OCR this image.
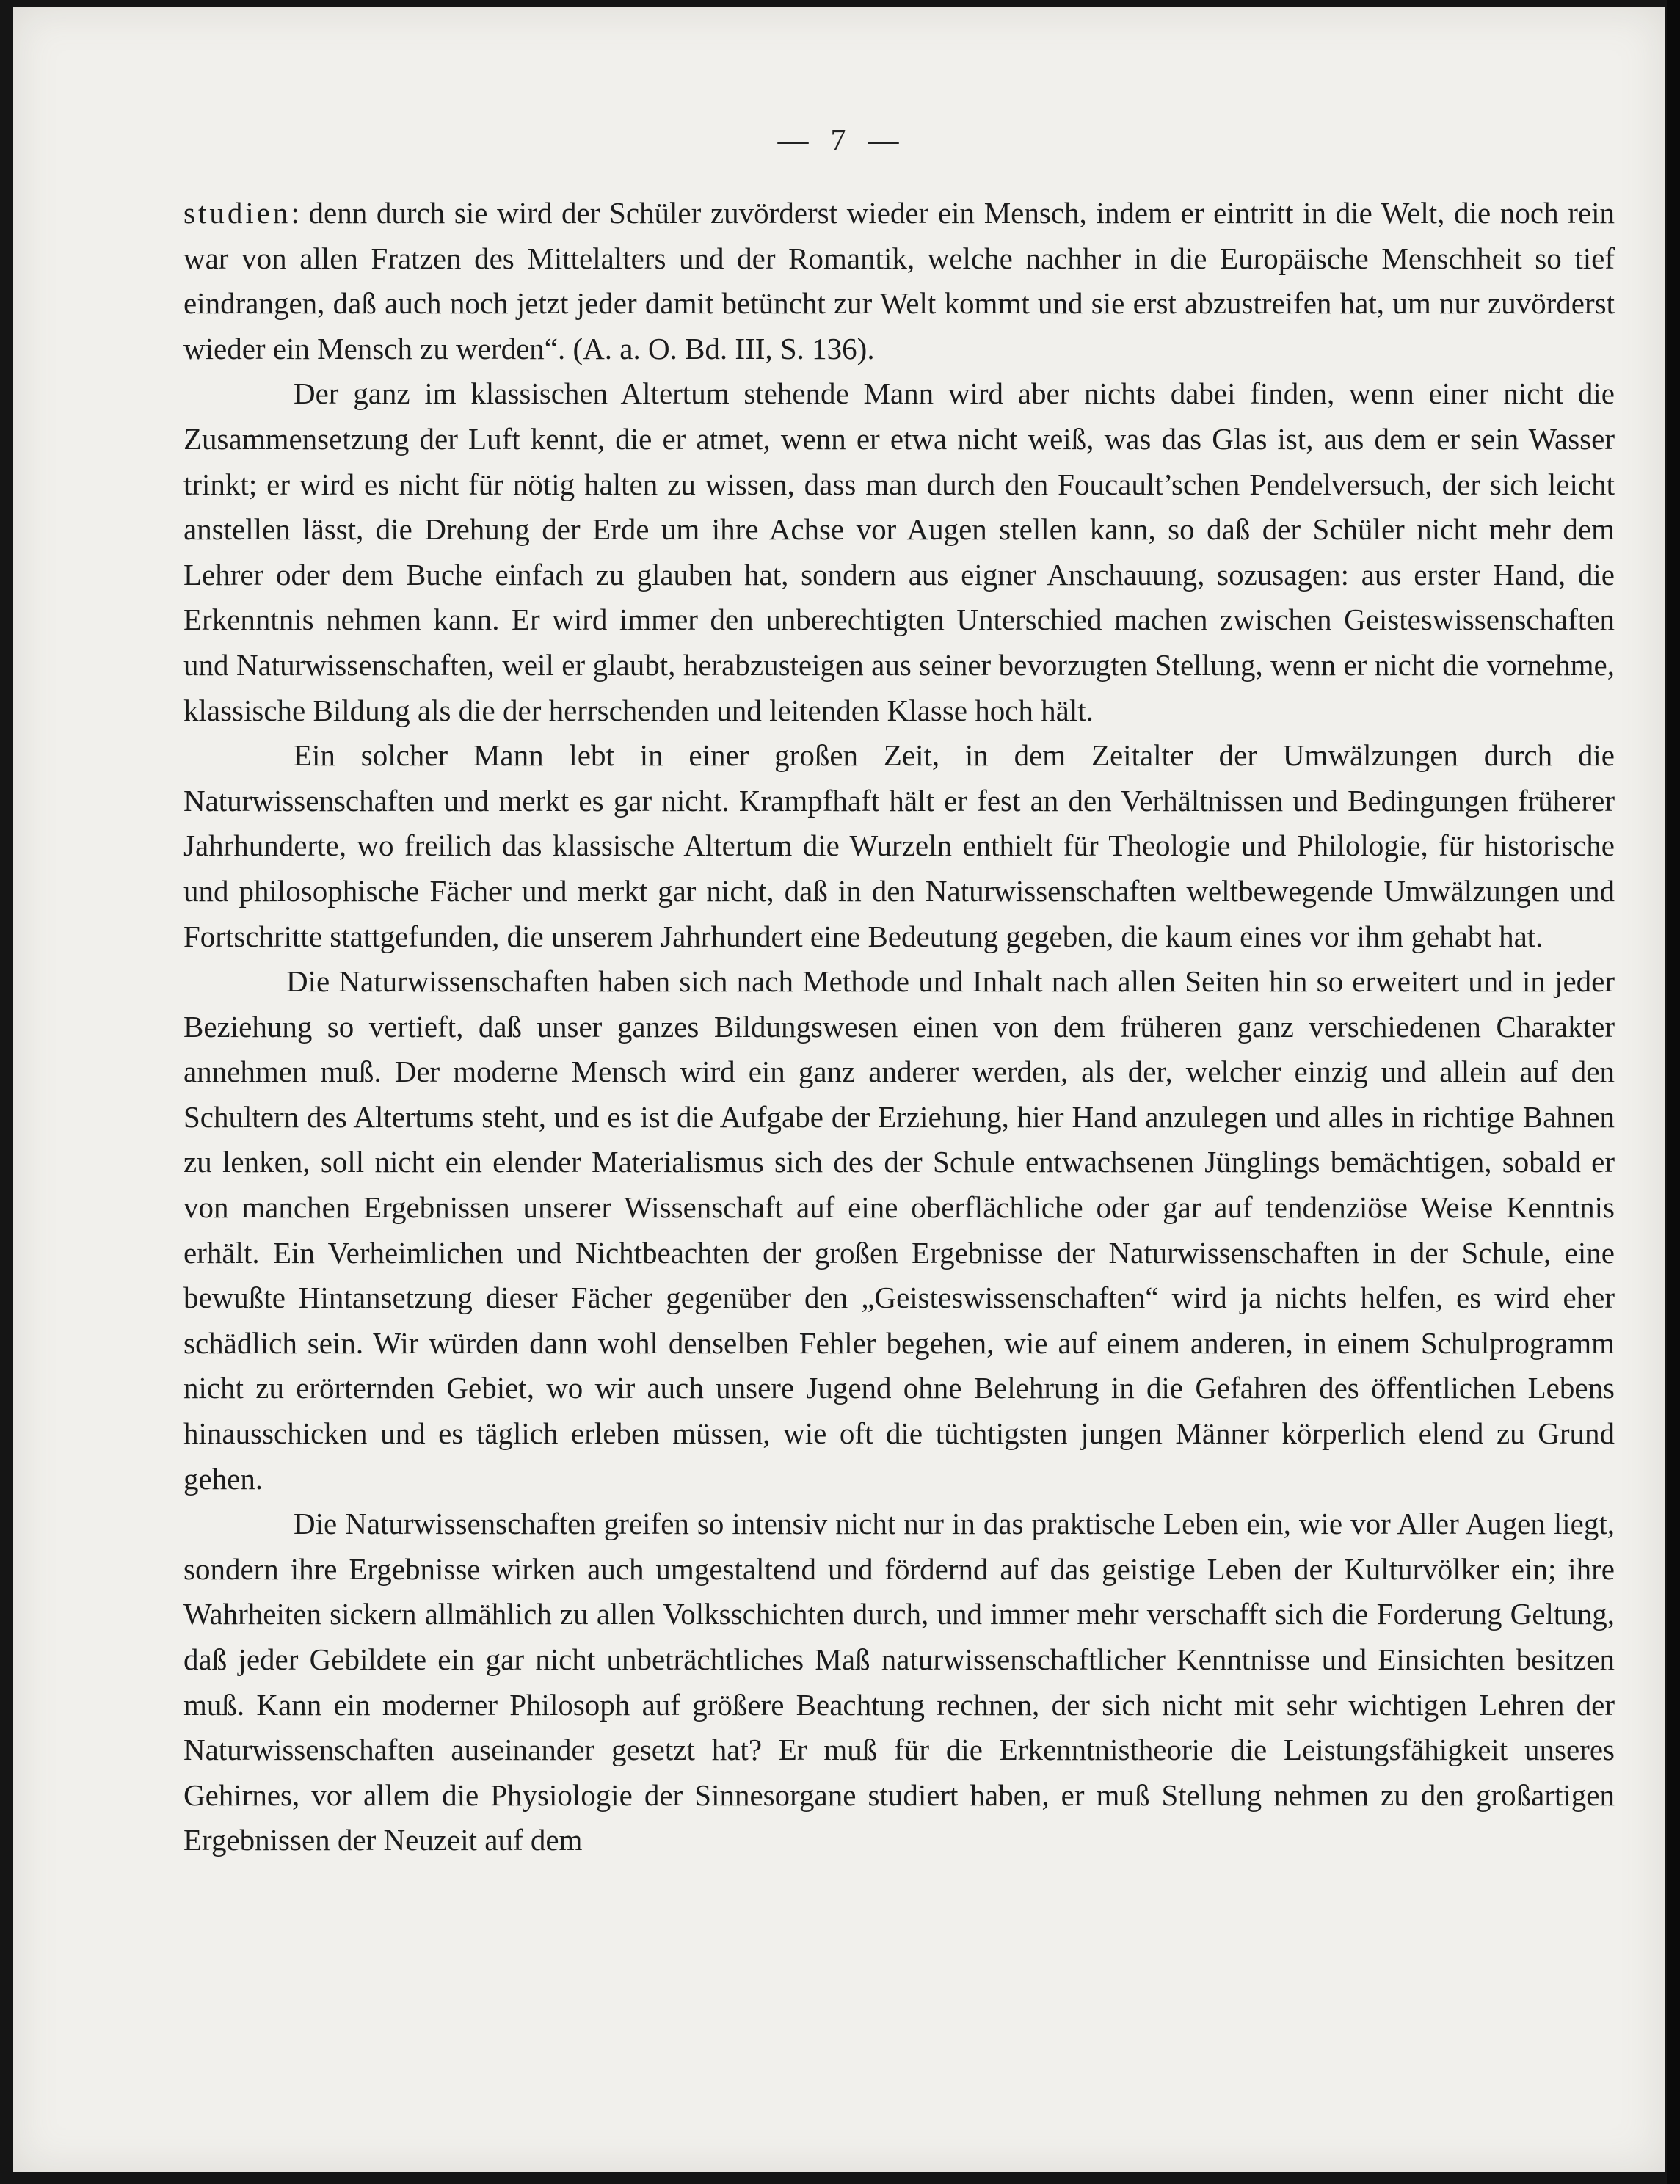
— 7 —

studien: denn durch sie wird der Schüler zuvörderst wieder ein Mensch, indem er eintritt in die Welt, die noch rein war von allen Fratzen des Mittelalters und der Romantik, welche nachher in die Europäische Menschheit so tief eindrangen, daß auch noch jetzt jeder damit betüncht zur Welt kommt und sie erst abzustreifen hat, um nur zuvörderst wieder ein Mensch zu werden“. (A. a. O. Bd. III, S. 136).

Der ganz im klassischen Altertum stehende Mann wird aber nichts dabei finden, wenn einer nicht die Zusammensetzung der Luft kennt, die er atmet, wenn er etwa nicht weiß, was das Glas ist, aus dem er sein Wasser trinkt; er wird es nicht für nötig halten zu wissen, dass man durch den Foucault’schen Pendelversuch, der sich leicht anstellen lässt, die Drehung der Erde um ihre Achse vor Augen stellen kann, so daß der Schüler nicht mehr dem Lehrer oder dem Buche einfach zu glauben hat, sondern aus eigner Anschauung, sozusagen: aus erster Hand, die Erkenntnis nehmen kann. Er wird immer den unberechtigten Unterschied machen zwischen Geisteswissenschaften und Naturwissenschaften, weil er glaubt, herabzusteigen aus seiner bevorzugten Stellung, wenn er nicht die vornehme, klassische Bildung als die der herrschenden und leitenden Klasse hoch hält.

Ein solcher Mann lebt in einer großen Zeit, in dem Zeitalter der Umwälzungen durch die Naturwissenschaften und merkt es gar nicht. Krampfhaft hält er fest an den Verhältnissen und Bedingungen früherer Jahrhunderte, wo freilich das klassische Altertum die Wurzeln enthielt für Theologie und Philologie, für historische und philosophische Fächer und merkt gar nicht, daß in den Naturwissenschaften weltbewegende Umwälzungen und Fortschritte stattgefunden, die unserem Jahrhundert eine Bedeutung gegeben, die kaum eines vor ihm gehabt hat.

Die Naturwissenschaften haben sich nach Methode und Inhalt nach allen Seiten hin so erweitert und in jeder Beziehung so vertieft, daß unser ganzes Bildungswesen einen von dem früheren ganz verschiedenen Charakter annehmen muß. Der moderne Mensch wird ein ganz anderer werden, als der, welcher einzig und allein auf den Schultern des Altertums steht, und es ist die Aufgabe der Erziehung, hier Hand anzulegen und alles in richtige Bahnen zu lenken, soll nicht ein elender Materialismus sich des der Schule entwachsenen Jünglings bemächtigen, sobald er von manchen Ergebnissen unserer Wissenschaft auf eine oberflächliche oder gar auf tendenziöse Weise Kenntnis erhält. Ein Verheimlichen und Nichtbeachten der großen Ergebnisse der Naturwissenschaften in der Schule, eine bewußte Hintansetzung dieser Fächer gegenüber den „Geisteswissenschaften“ wird ja nichts helfen, es wird eher schädlich sein. Wir würden dann wohl denselben Fehler begehen, wie auf einem anderen, in einem Schulprogramm nicht zu erörternden Gebiet, wo wir auch unsere Jugend ohne Belehrung in die Gefahren des öffentlichen Lebens hinausschicken und es täglich erleben müssen, wie oft die tüchtigsten jungen Männer körperlich elend zu Grund gehen.

Die Naturwissenschaften greifen so intensiv nicht nur in das praktische Leben ein, wie vor Aller Augen liegt, sondern ihre Ergebnisse wirken auch umgestaltend und fördernd auf das geistige Leben der Kulturvölker ein; ihre Wahrheiten sickern allmählich zu allen Volksschichten durch, und immer mehr verschafft sich die Forderung Geltung, daß jeder Gebildete ein gar nicht unbeträchtliches Maß naturwissenschaftlicher Kenntnisse und Einsichten besitzen muß. Kann ein moderner Philosoph auf größere Beachtung rechnen, der sich nicht mit sehr wichtigen Lehren der Naturwissenschaften auseinander gesetzt hat? Er muß für die Erkenntnistheorie die Leistungsfähigkeit unseres Gehirnes, vor allem die Physiologie der Sinnesorgane studiert haben, er muß Stellung nehmen zu den großartigen Ergebnissen der Neuzeit auf dem
